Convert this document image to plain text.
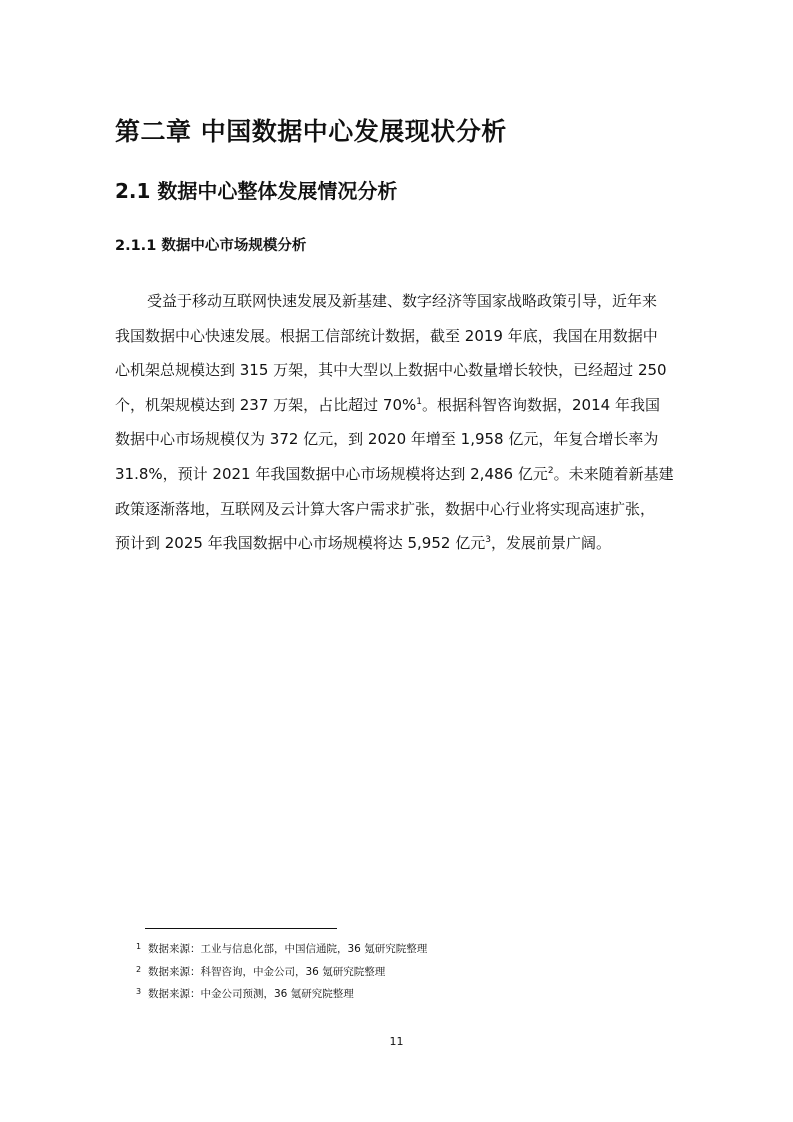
第二章 中国数据中心发展现状分析
2.1 数据中心整体发展情况分析
2.1.1 数据中心市场规模分析
受益于移动互联网快速发展及新基建、数字经济等国家战略政策引导，近年来
我国数据中心快速发展。根据工信部统计数据，截至 2019 年底，我国在用数据中
心机架总规模达到 315 万架，其中大型以上数据中心数量增长较快，已经超过 250
个，机架规模达到 237 万架，占比超过 70%$^1$。根据科智咨询数据，2014 年我国
数据中心市场规模仅为 372 亿元，到 2020 年增至 1,958 亿元，年复合增长率为
31.8%，预计 2021 年我国数据中心市场规模将达到 2,486 亿元$^2$。未来随着新基建
政策逐渐落地，互联网及云计算大客户需求扩张，数据中心行业将实现高速扩张，
预计到 2025 年我国数据中心市场规模将达 5,952 亿元$^3$，发展前景广阔。
1 数据来源：工业与信息化部，中国信通院，36 氪研究院整理
2 数据来源：科智咨询，中金公司，36 氪研究院整理
3 数据来源：中金公司预测，36 氪研究院整理
11
